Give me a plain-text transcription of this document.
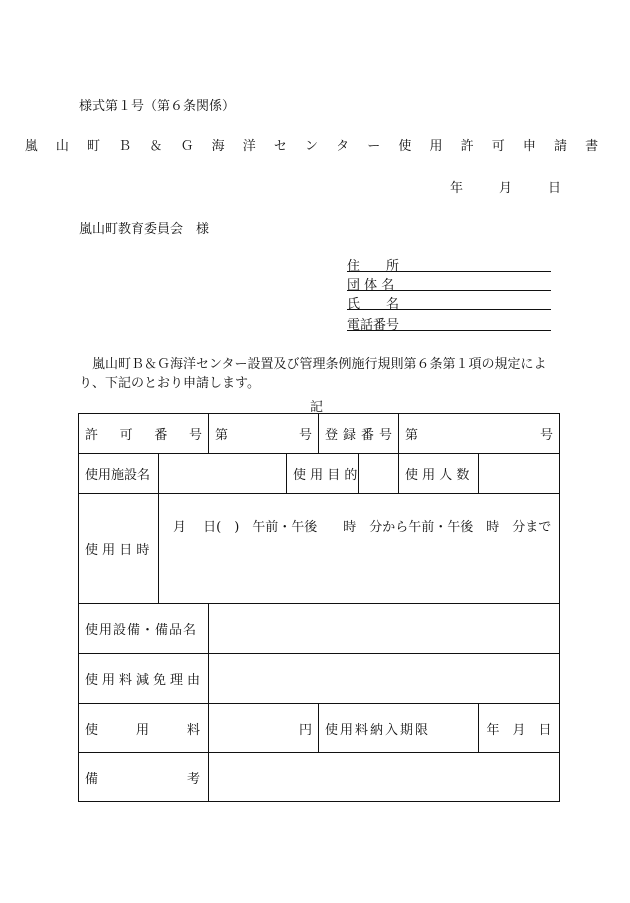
様式第１号（第６条関係）
嵐 山 町 Ｂ ＆ Ｇ 海 洋 セ ン タ ー 使 用 許 可 申 請 書
年	月	日
嵐山町教育委員会　様
住　　所
団 体 名
氏　　名
電話番号
嵐山町Ｂ＆Ｇ海洋センター設置及び管理条例施行規則第６条第１項の規定により、下記のとおり申請します。
記
許 可 番 号		第 号		登 録 番 号		第 号	

使用施設名			使 用 目 的			使 用 人 数	
使 用 日 時	月　 日(　)　午前・午後　　時　分から午前・午後　時　分まで						
使用設備・備品名							
使用料減免理由							

使 用 料		円		使用料納入期限			年　月　日

備 考							
